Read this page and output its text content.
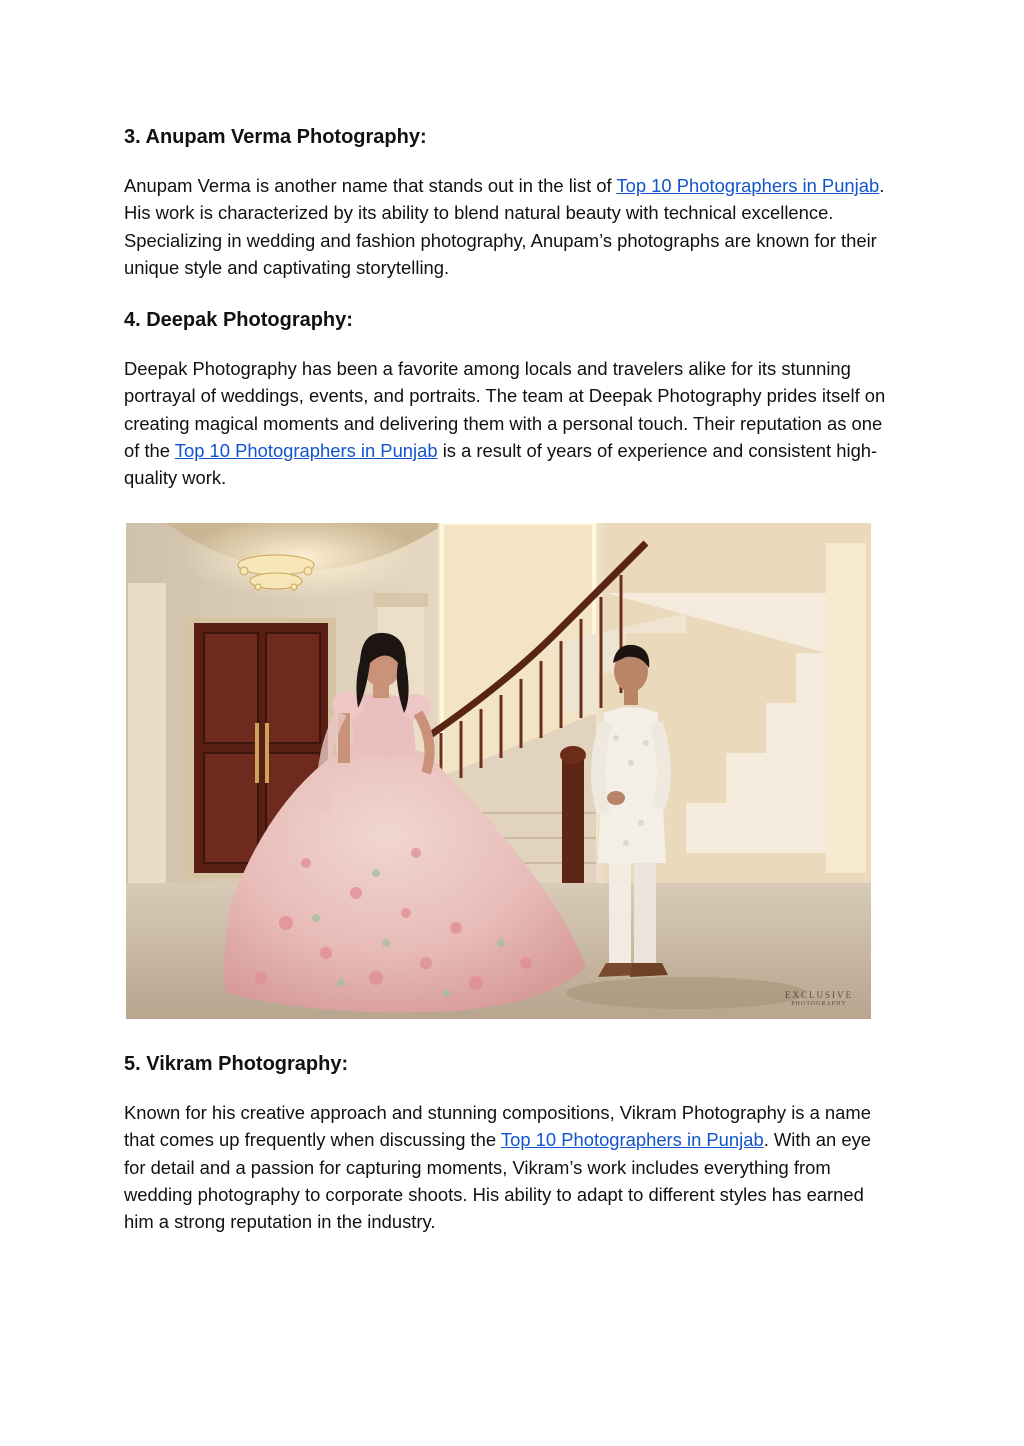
3. Anupam Verma Photography:

Anupam Verma is another name that stands out in the list of Top 10 Photographers in Punjab. His work is characterized by its ability to blend natural beauty with technical excellence. Specializing in wedding and fashion photography, Anupam’s photographs are known for their unique style and captivating storytelling.

4. Deepak Photography:

Deepak Photography has been a favorite among locals and travelers alike for its stunning portrayal of weddings, events, and portraits. The team at Deepak Photography prides itself on creating magical moments and delivering them with a personal touch. Their reputation as one of the Top 10 Photographers in Punjab is a result of years of experience and consistent high-quality work.

5. Vikram Photography:

Known for his creative approach and stunning compositions, Vikram Photography is a name that comes up frequently when discussing the Top 10 Photographers in Punjab. With an eye for detail and a passion for capturing moments, Vikram’s work includes everything from wedding photography to corporate shoots. His ability to adapt to different styles has earned him a strong reputation in the industry.

EXCLUSIVE
PHOTOGRAPHY
